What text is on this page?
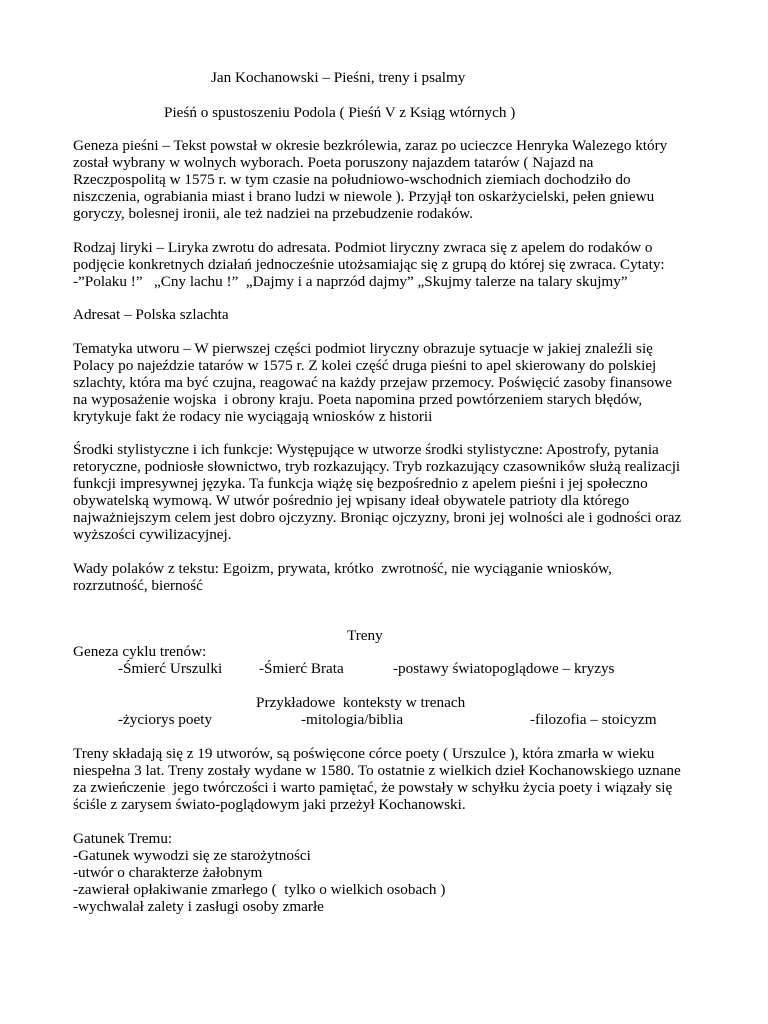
Jan Kochanowski – Pieśni, treny i psalmy
Pieśń o spustoszeniu Podola ( Pieśń V z Ksiąg wtórnych )
Geneza pieśni – Tekst powstał w okresie bezkrólewia, zaraz po ucieczce Henryka Walezego który
został wybrany w wolnych wyborach. Poeta poruszony najazdem tatarów ( Najazd na
Rzeczpospolitą w 1575 r. w tym czasie na południowo-wschodnich ziemiach dochodziło do
niszczenia, ograbiania miast i brano ludzi w niewole ). Przyjął ton oskarżycielski, pełen gniewu
goryczy, bolesnej ironii, ale też nadziei na przebudzenie rodaków.
Rodzaj liryki – Liryka zwrotu do adresata. Podmiot liryczny zwraca się z apelem do rodaków o
podjęcie konkretnych działań jednocześnie utożsamiając się z grupą do której się zwraca. Cytaty:
-”Polaku !”   „Cny lachu !”  „Dajmy i a naprzód dajmy” „Skujmy talerze na talary skujmy”
Adresat – Polska szlachta
Tematyka utworu – W pierwszej części podmiot liryczny obrazuje sytuacje w jakiej znaleźli się
Polacy po najeździe tatarów w 1575 r. Z kolei część druga pieśni to apel skierowany do polskiej
szlachty, która ma być czujna, reagować na każdy przejaw przemocy. Poświęcić zasoby finansowe
na wyposażenie wojska  i obrony kraju. Poeta napomina przed powtórzeniem starych błędów,
krytykuje fakt że rodacy nie wyciągają wniosków z historii
Środki stylistyczne i ich funkcje: Występujące w utworze środki stylistyczne: Apostrofy, pytania
retoryczne, podniosłe słownictwo, tryb rozkazujący. Tryb rozkazujący czasowników służą realizacji
funkcji impresywnej języka. Ta funkcja wiążę się bezpośrednio z apelem pieśni i jej społeczno
obywatelską wymową. W utwór pośrednio jej wpisany ideał obywatele patrioty dla którego
najważniejszym celem jest dobro ojczyzny. Broniąc ojczyzny, broni jej wolności ale i godności oraz
wyższości cywilizacyjnej.
Wady polaków z tekstu: Egoizm, prywata, krótko  zwrotność, nie wyciąganie wniosków,
rozrzutność, bierność
Treny
Geneza cyklu trenów:
-Śmierć Urszulki -Śmierć Brata	-postawy światopoglądowe – kryzys
Przykładowe  konteksty w trenach
-życiorys poety	-mitologia/biblia	-filozofia – stoicyzm
Treny składają się z 19 utworów, są poświęcone córce poety ( Urszulce ), która zmarła w wieku
niespełna 3 lat. Treny zostały wydane w 1580. To ostatnie z wielkich dzieł Kochanowskiego uznane
za zwieńczenie  jego twórczości i warto pamiętać, że powstały w schyłku życia poety i wiązały się
ściśle z zarysem świato-poglądowym jaki przeżył Kochanowski.
Gatunek Tremu:
-Gatunek wywodzi się ze starożytności
-utwór o charakterze żałobnym
-zawierał opłakiwanie zmarłego (  tylko o wielkich osobach )
-wychwalał zalety i zasługi osoby zmarłe
